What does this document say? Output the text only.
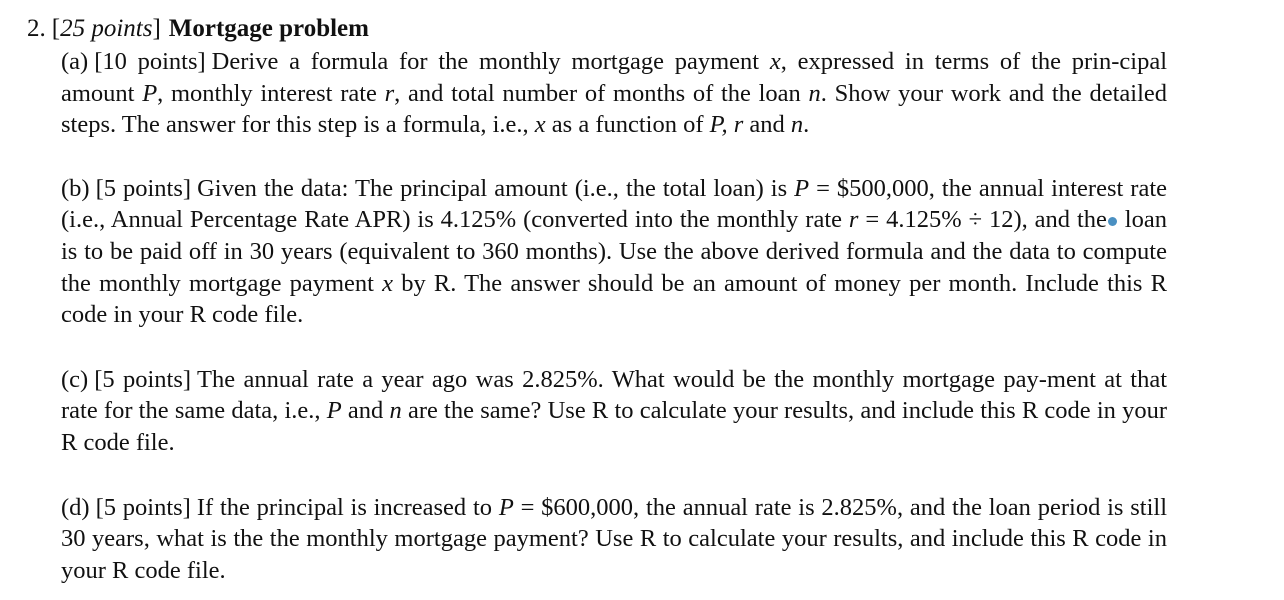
2. [25 points] Mortgage problem

(a) [10 points] Derive a formula for the monthly mortgage payment x, expressed in terms of the prin-cipal amount P, monthly interest rate r, and total number of months of the loan n. Show your work and the detailed steps. The answer for this step is a formula, i.e., x as a function of P, r and n.

(b) [5 points] Given the data: The principal amount (i.e., the total loan) is P = $500,000, the annual interest rate (i.e., Annual Percentage Rate APR) is 4.125% (converted into the monthly rate r = 4.125% ÷ 12), and the loan is to be paid off in 30 years (equivalent to 360 months). Use the above derived formula and the data to compute the monthly mortgage payment x by R. The answer should be an amount of money per month. Include this R code in your R code file.

(c) [5 points] The annual rate a year ago was 2.825%. What would be the monthly mortgage pay-ment at that rate for the same data, i.e., P and n are the same? Use R to calculate your results, and include this R code in your R code file.

(d) [5 points] If the principal is increased to P = $600,000, the annual rate is 2.825%, and the loan period is still 30 years, what is the the monthly mortgage payment? Use R to calculate your results, and include this R code in your R code file.
